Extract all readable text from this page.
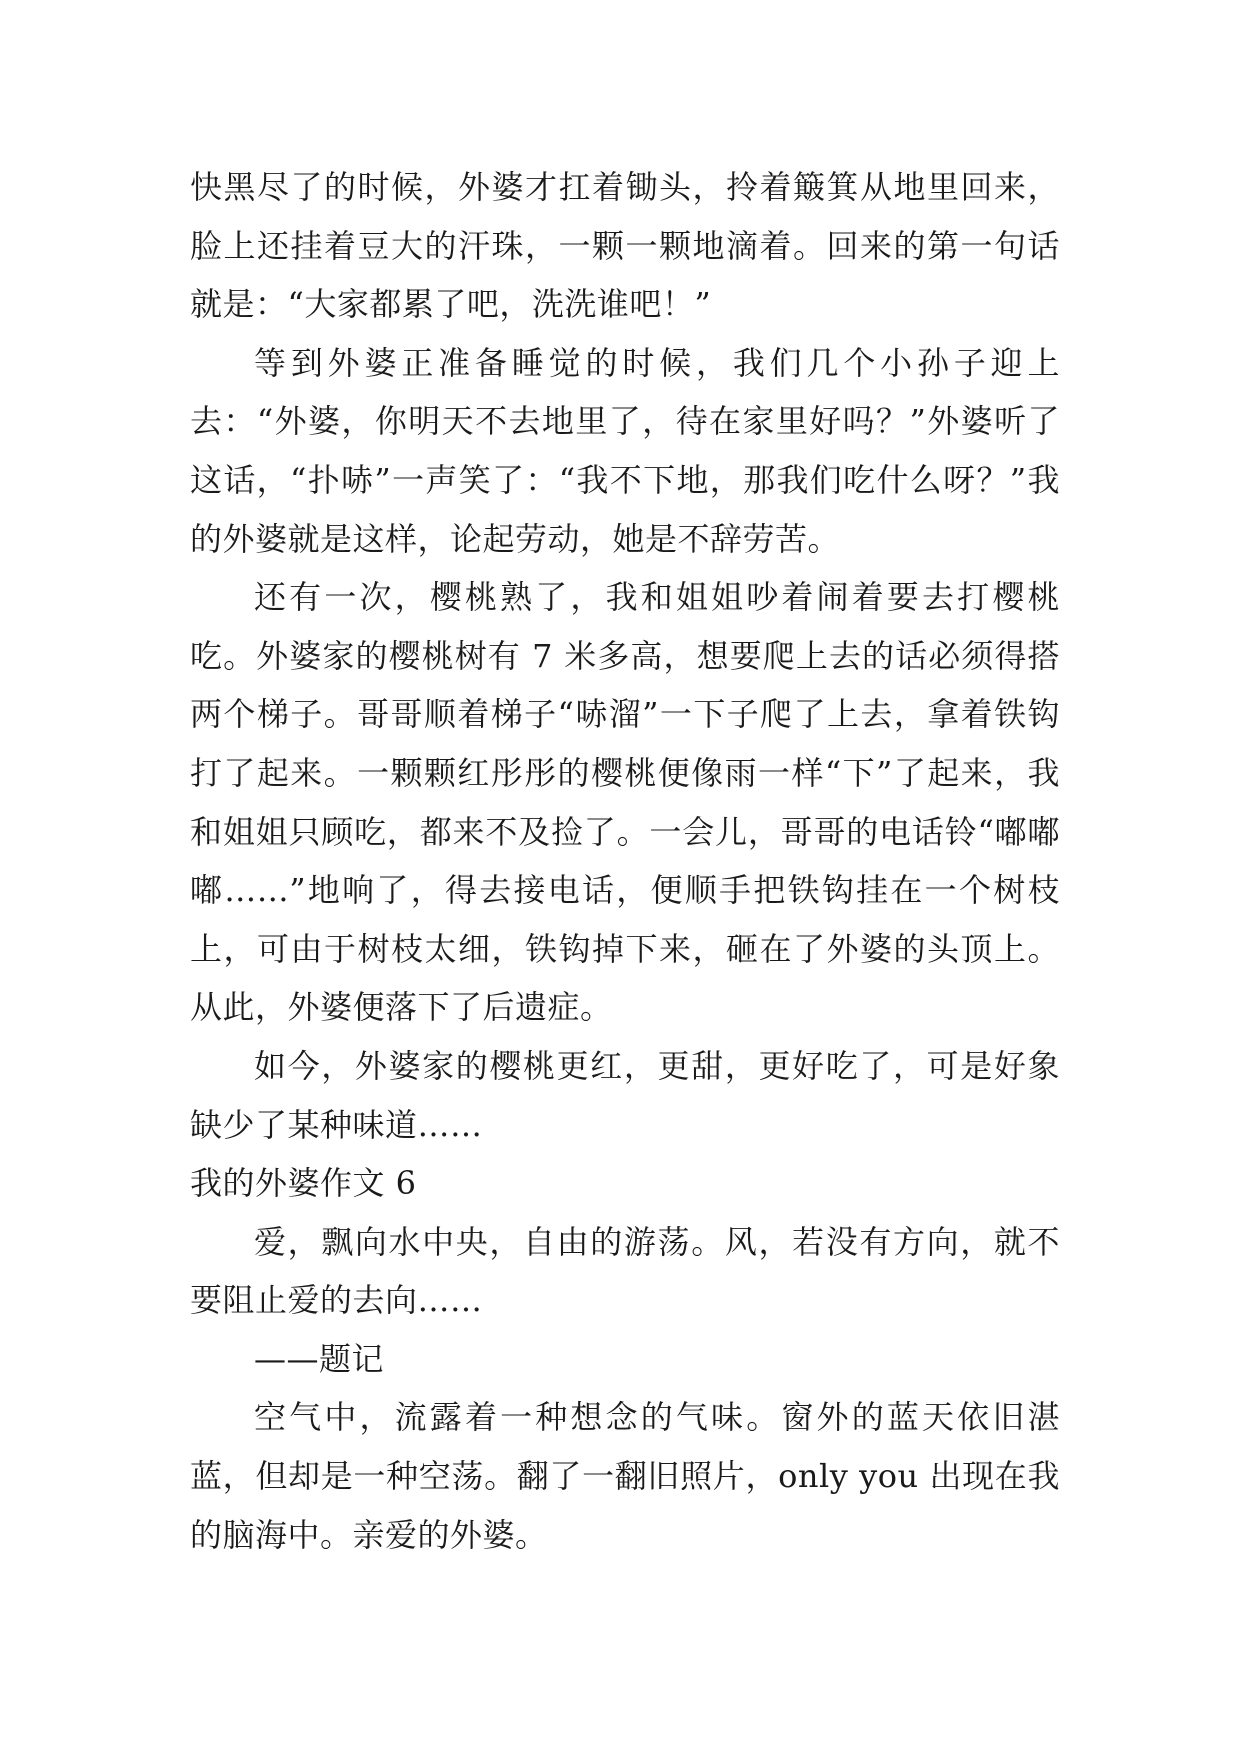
快黑尽了的时候，外婆才扛着锄头，拎着簸箕从地里回来，脸上还挂着豆大的汗珠，一颗一颗地滴着。回来的第一句话就是：“大家都累了吧，洗洗谁吧！”

等到外婆正准备睡觉的时候，我们几个小孙子迎上去：“外婆，你明天不去地里了，待在家里好吗？”外婆听了这话，“扑哧”一声笑了：“我不下地，那我们吃什么呀？”我的外婆就是这样，论起劳动，她是不辞劳苦。

还有一次，樱桃熟了，我和姐姐吵着闹着要去打樱桃吃。外婆家的樱桃树有 7 米多高，想要爬上去的话必须得搭两个梯子。哥哥顺着梯子“哧溜”一下子爬了上去，拿着铁钩打了起来。一颗颗红彤彤的樱桃便像雨一样“下”了起来，我和姐姐只顾吃，都来不及捡了。一会儿，哥哥的电话铃“嘟嘟嘟……”地响了，得去接电话，便顺手把铁钩挂在一个树枝上，可由于树枝太细，铁钩掉下来，砸在了外婆的头顶上。从此，外婆便落下了后遗症。

如今，外婆家的樱桃更红，更甜，更好吃了，可是好象缺少了某种味道……

我的外婆作文 6

爱，飘向水中央，自由的游荡。风，若没有方向，就不要阻止爱的去向……

——题记

空气中，流露着一种想念的气味。窗外的蓝天依旧湛蓝，但却是一种空荡。翻了一翻旧照片，only you 出现在我的脑海中。亲爱的外婆。
